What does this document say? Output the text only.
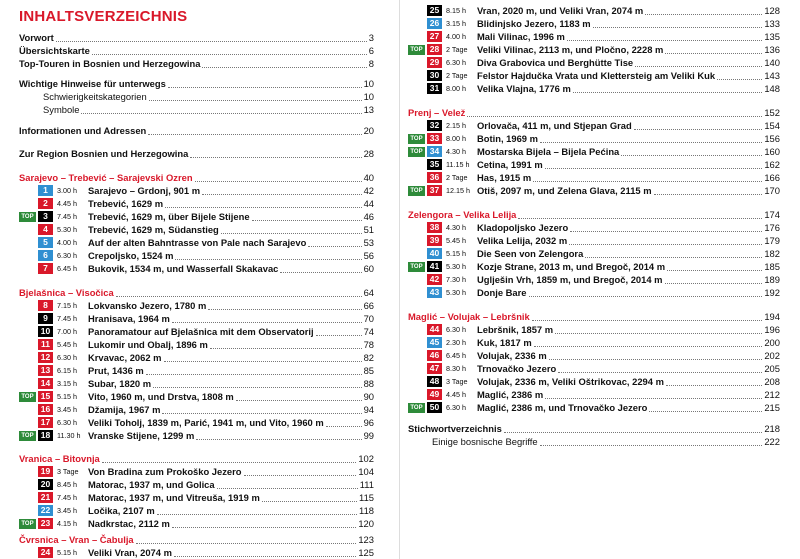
INHALTSVERZEICHNIS
Vorwort	3
Übersichtskarte	6
Top-Touren in Bosnien und Herzegowina	8
Wichtige Hinweise für unterwegs	10
Schwierigkeitskategorien	10
Symbole	13
Informationen und Adressen	20
Zur Region Bosnien und Herzegowina	28
Sarajevo – Trebević – Sarajevski Ozren	40
1	3.00 h	Sarajevo – Grdonj, 901 m	42
2	4.45 h	Trebević, 1629 m	44
TOP	3	7.45 h	Trebević, 1629 m, über Bijele Stijene	46
4	5.30 h	Trebević, 1629 m, Südanstieg	51
5	4.00 h	Auf der alten Bahntrasse von Pale nach Sarajevo	53
6	6.30 h	Crepoljsko, 1524 m	56
7	6.45 h	Bukovik, 1534 m, und Wasserfall Skakavac	60
Bjelašnica – Visočica	64
8	7.15 h	Lokvansko Jezero, 1780 m	66
9	7.45 h	Hranisava, 1964 m	70
10 7.00 h	Panoramatour auf Bjelašnica mit dem Observatorij	74
11 5.45 h	Lukomir und Obalj, 1896 m	78
12 6.30 h	Krvavac, 2062 m	82
13 6.15 h	Prut, 1436 m	85
14 3.15 h	Subar, 1820 m	88
TOP 15 5.15 h	Vito, 1960 m, und Drstva, 1808 m	90
16 3.45 h	Džamija, 1967 m	94
17 6.30 h	Veliki Toholj, 1839 m, Parić, 1941 m, und Vito, 1960 m	96
TOP 18 11.30 h Vranske Stijene, 1299 m	99
Vranica – Bitovnja	102
19 3 Tage	Von Bradina zum Prokoško Jezero	104
20 8.45 h	Matorac, 1937 m, und Golica	111
21 7.45 h	Matorac, 1937 m, und Vitreuša, 1919 m	115
22 3.45 h	Ločika, 2107 m	118
TOP 23 4.15 h	Nadkrstac, 2112 m	120
Čvrsnica – Vran – Čabulja	123
24 5.15 h	Veliki Vran, 2074 m	125
25 8.15 h	Vran, 2020 m, und Veliki Vran, 2074 m	128
26 3.15 h	Blidinjsko Jezero, 1183 m	133
27 4.00 h	Mali Vilinac, 1996 m	135
TOP 28 2 Tage	Veliki Vilinac, 2113 m, und Pločno, 2228 m	136
29 6.30 h	Diva Grabovica und Berghütte Tise	140
30 2 Tage	Felstor Hajdučka Vrata und Klettersteig am Veliki Kuk	143
31 8.00 h	Velika Vlajna, 1776 m	148
Prenj – Velež	152
32 2.15 h	Orlovača, 411 m, und Stjepan Grad	154
TOP 33 8.00 h	Botin, 1969 m	156
TOP 34 4.30 h	Mostarska Bijela – Bijela Pećina	160
35 11.15 h Cetina, 1991 m	162
36 2 Tage	Has, 1915 m	166
TOP 37 12.15 h Otiš, 2097 m, und Zelena Glava, 2115 m	170
Zelengora – Velika Lelija	174
38 4.30 h	Kladopoljsko Jezero	176
39 5.45 h	Velika Lelija, 2032 m	179
40 5.15 h	Die Seen von Zelengora	182
TOP 41 5.30 h	Kozje Strane, 2013 m, und Bregoč, 2014 m	185
42 7.30 h	Uglješin Vrh, 1859 m, und Bregoč, 2014 m	189
43 5.30 h	Donje Bare	192
Maglić – Volujak – Lebršnik	194
44 6.30 h	Lebršnik, 1857 m	196
45 2.30 h	Kuk, 1817 m	200
46 6.45 h	Volujak, 2336 m	202
47 8.30 h	Trnovačko Jezero	205
48 3 Tage	Volujak, 2336 m, Veliki Oštrikovac, 2294 m	208
49 4.45 h	Maglić, 2386 m	212
TOP 50 6.30 h	Maglić, 2386 m, und Trnovačko Jezero	215
Stichwortverzeichnis	218
Einige bosnische Begriffe	222
